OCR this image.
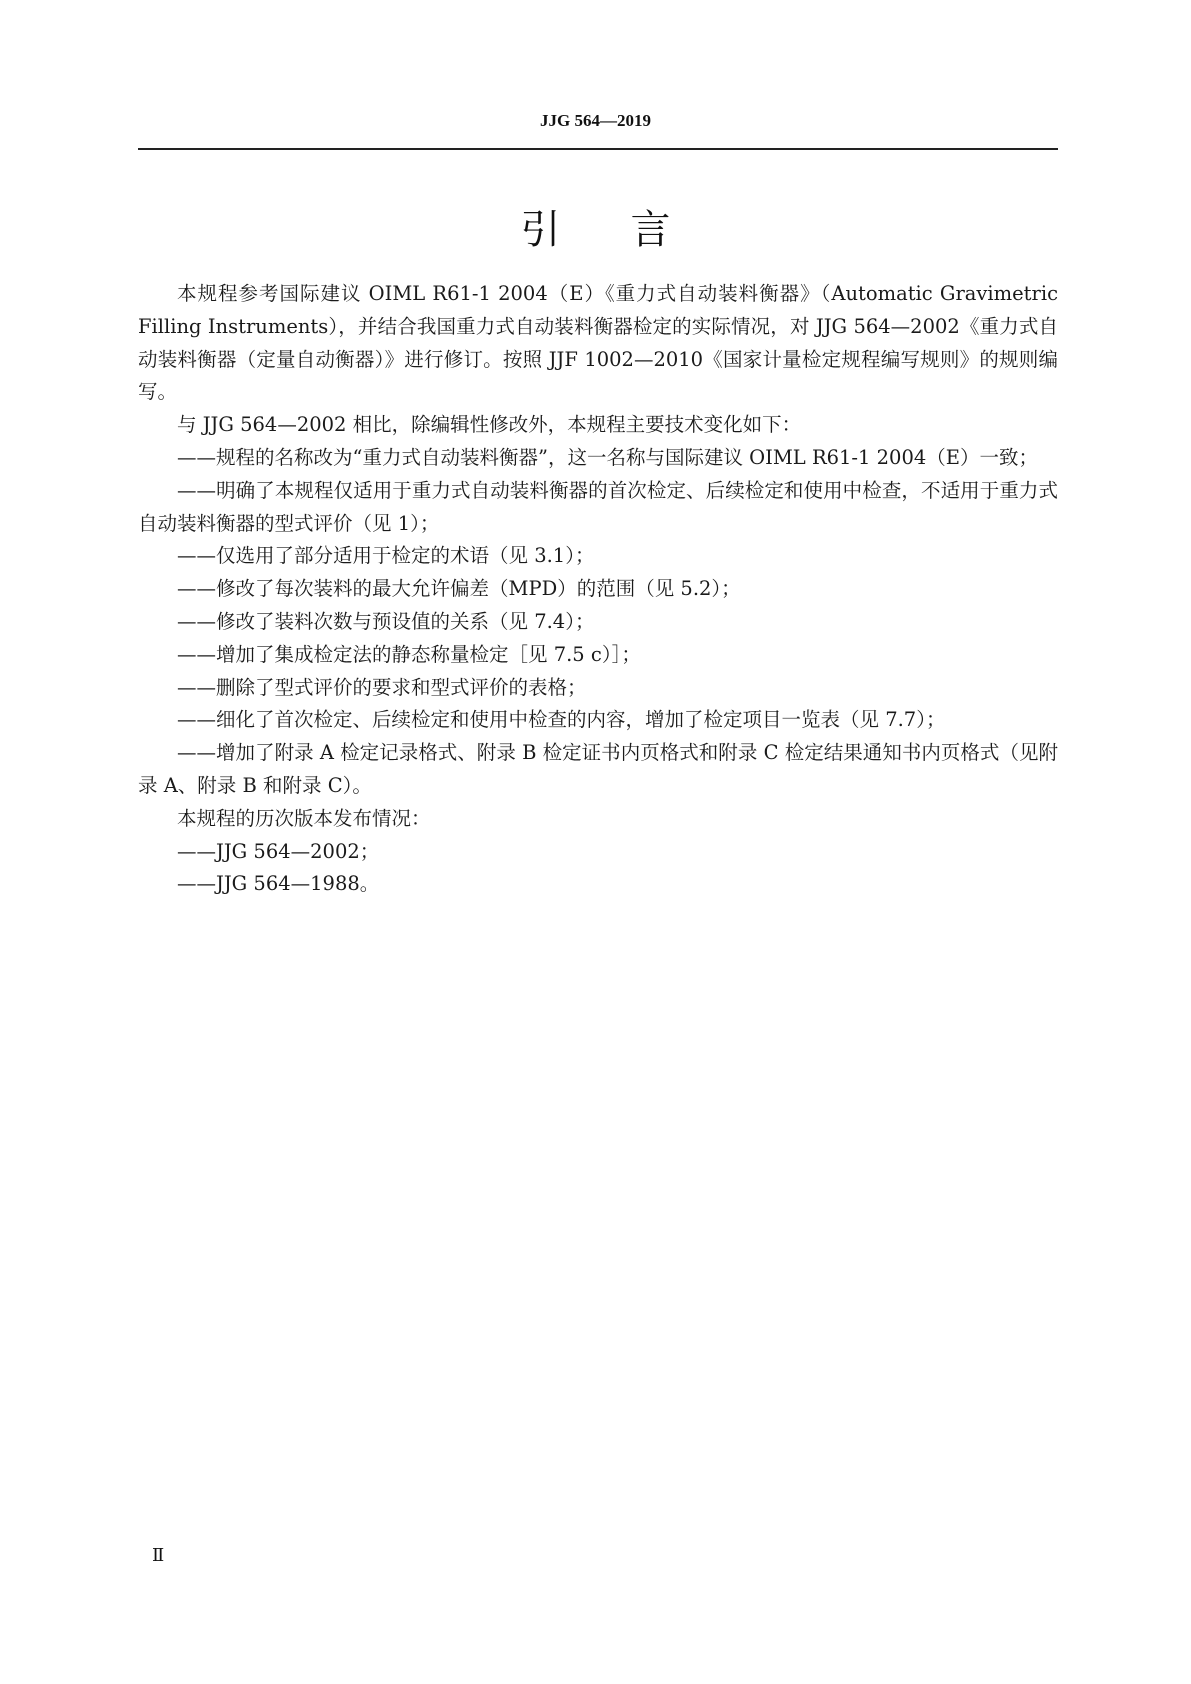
JJG 564—2019
引 言

本规程参考国际建议 OIML R61-1 2004（E）《重力式自动装料衡器》（Automatic Gravimetric Filling Instruments），并结合我国重力式自动装料衡器检定的实际情况，对 JJG 564—2002《重力式自动装料衡器（定量自动衡器）》进行修订。按照 JJF 1002—2010《国家计量检定规程编写规则》的规则编写。

与 JJG 564—2002 相比，除编辑性修改外，本规程主要技术变化如下：

——规程的名称改为“重力式自动装料衡器”，这一名称与国际建议 OIML R61-1 2004（E）一致；

——明确了本规程仅适用于重力式自动装料衡器的首次检定、后续检定和使用中检查，不适用于重力式自动装料衡器的型式评价（见 1）；

——仅选用了部分适用于检定的术语（见 3.1）；

——修改了每次装料的最大允许偏差（MPD）的范围（见 5.2）；

——修改了装料次数与预设值的关系（见 7.4）；

——增加了集成检定法的静态称量检定［见 7.5 c）］；

——删除了型式评价的要求和型式评价的表格；

——细化了首次检定、后续检定和使用中检查的内容，增加了检定项目一览表（见 7.7）；

——增加了附录 A 检定记录格式、附录 B 检定证书内页格式和附录 C 检定结果通知书内页格式（见附录 A、附录 B 和附录 C）。

本规程的历次版本发布情况：

——JJG 564—2002；

——JJG 564—1988。

Ⅱ
